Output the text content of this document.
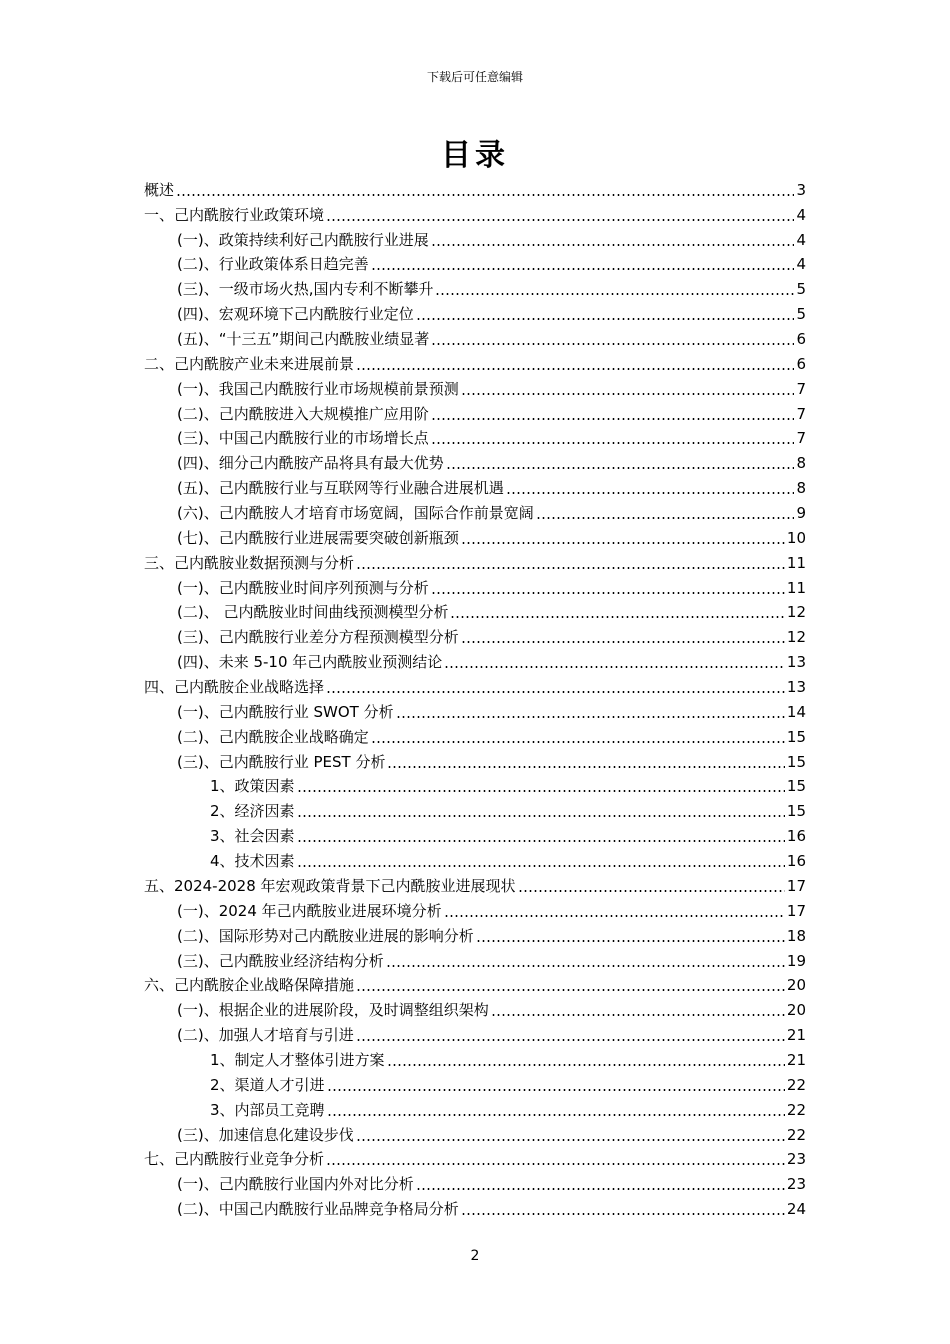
下载后可任意编辑
目录
概述	3
一、己内酰胺行业政策环境	4
(一)、政策持续利好己内酰胺行业进展	4
(二)、行业政策体系日趋完善	4
(三)、一级市场火热,国内专利不断攀升	5
(四)、宏观环境下己内酰胺行业定位	5
(五)、“十三五”期间己内酰胺业绩显著	6
二、己内酰胺产业未来进展前景	6
(一)、我国己内酰胺行业市场规模前景预测	7
(二)、己内酰胺进入大规模推广应用阶	7
(三)、中国己内酰胺行业的市场增长点	7
(四)、细分己内酰胺产品将具有最大优势	8
(五)、己内酰胺行业与互联网等行业融合进展机遇	8
(六)、己内酰胺人才培育市场宽阔，国际合作前景宽阔	9
(七)、己内酰胺行业进展需要突破创新瓶颈	10
三、己内酰胺业数据预测与分析	11
(一)、己内酰胺业时间序列预测与分析	11
(二)、 己内酰胺业时间曲线预测模型分析	12
(三)、己内酰胺行业差分方程预测模型分析	12
(四)、未来 5-10 年己内酰胺业预测结论	13
四、己内酰胺企业战略选择	13
(一)、己内酰胺行业 SWOT 分析	14
(二)、己内酰胺企业战略确定	15
(三)、己内酰胺行业 PEST 分析	15
1、政策因素	15
2、经济因素	15
3、社会因素	16
4、技术因素	16
五、2024-2028 年宏观政策背景下己内酰胺业进展现状	17
(一)、2024 年己内酰胺业进展环境分析	17
(二)、国际形势对己内酰胺业进展的影响分析	18
(三)、己内酰胺业经济结构分析	19
六、己内酰胺企业战略保障措施	20
(一)、根据企业的进展阶段，及时调整组织架构	20
(二)、加强人才培育与引进	21
1、制定人才整体引进方案	21
2、渠道人才引进	22
3、内部员工竞聘	22
(三)、加速信息化建设步伐	22
七、己内酰胺行业竞争分析	23
(一)、己内酰胺行业国内外对比分析	23
(二)、中国己内酰胺行业品牌竞争格局分析	24
2
